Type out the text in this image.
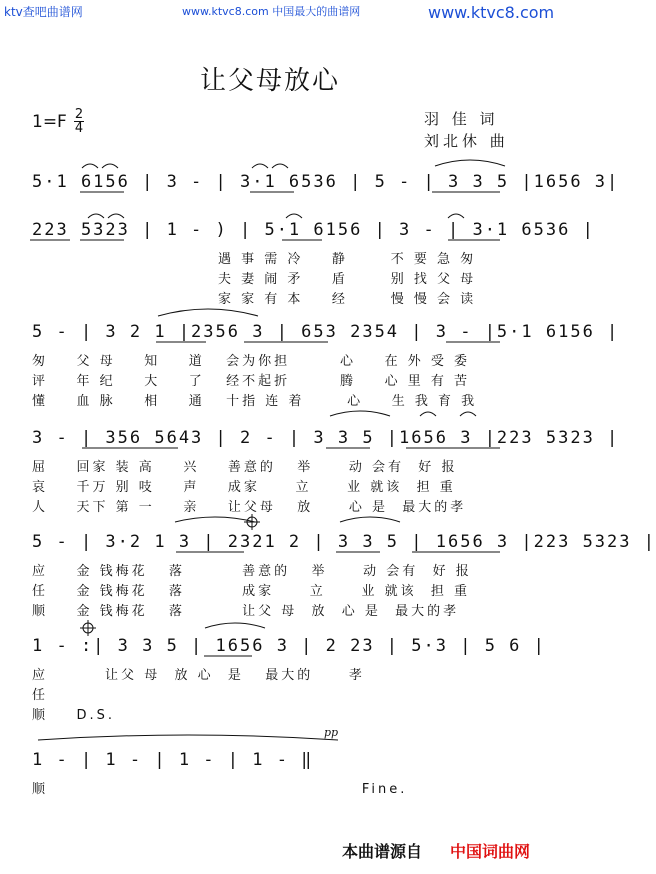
ktv查吧曲谱网	www.ktvc8.com 中国最大的曲谱网	www.ktvc8.com
让父母放心
1=F 2
4
羽 佳 词
刘北休 曲
5·1 6156 | 3 - | 3·1 6536 | 5 - | 3 3 5 |1656 3|
223 5323 | 1 - ) | 5·1 6156 | 3 - | 3·1 6536 |
遇 事 需 冷    静      不 要 急 匆
夫 妻 闹 矛    盾      别 找 父 母
家 家 有 本    经      慢 慢 会 读
5 - | 3 2 1 |2356 3 | 653 2354 | 3 - |5·1 6156 |
匆    父 母    知    道   会为你担       心    在 外 受 委
评    年 纪    大    了   经不起折       腾    心 里 有 苦
懂    血 脉    相    通   十指 连 着      心    生 我 育 我
3 - | 356 5643 | 2 - | 3 3 5 |1656 3 |223 5323 |
屈    回家 装 高    兴    善意的   举     动 会有  好 报
哀    千万 别 吱    声    成家     立     业 就该  担 重
人    天下 第 一    亲    让父母   放     心 是  最大的孝
5 - | 3·2 1 3 | 2321 2 | 3 3 5 | 1656 3 |223 5323 |
应    金 钱梅花   落        善意的   举     动 会有  好 报
任    金 钱梅花   落        成家     立     业 就该  担 重
顺    金 钱梅花   落        让父 母  放  心 是  最大的孝
1 - :| 3 3 5 | 1656 3 | 2 23 | 5·3 | 5 6 |
应        让父 母  放 心  是   最大的     孝
任
顺    D.S.
pp
1 - | 1 - | 1 - | 1 - ‖
顺                                            Fine.
本曲谱源自 中国词曲网
